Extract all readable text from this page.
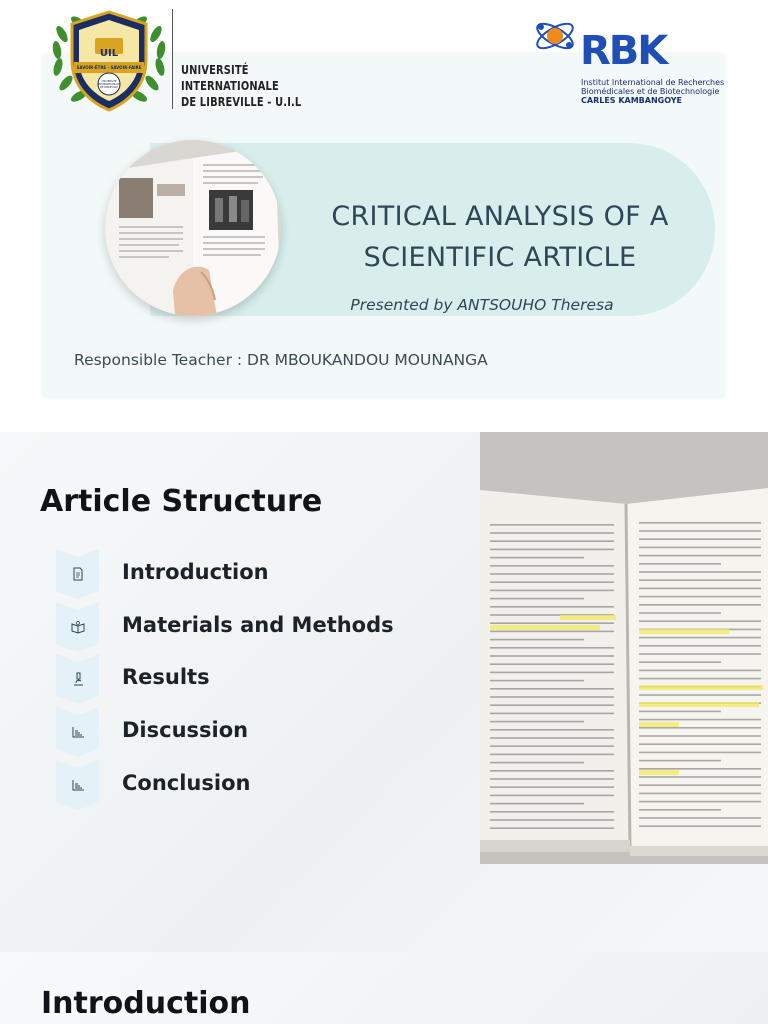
UIL
SAVOIR-ÊTRE · SAVOIR-FAIRE
UNIVERSITÉ
INTERNATIONALE
DE LIBREVILLE
UNIVERSITÉ
INTERNATIONALE
DE LIBREVILLE - U.I.L
RBK
Institut International de Recherches
Biomédicales et de Biotechnologie
CARLES KAMBANGOYE
CRITICAL ANALYSIS OF A
SCIENTIFIC ARTICLE
Presented by ANTSOUHO Theresa
Responsible Teacher : DR MBOUKANDOU MOUNANGA
Article Structure
Introduction
Materials and Methods
Results
Discussion
Conclusion
Introduction
